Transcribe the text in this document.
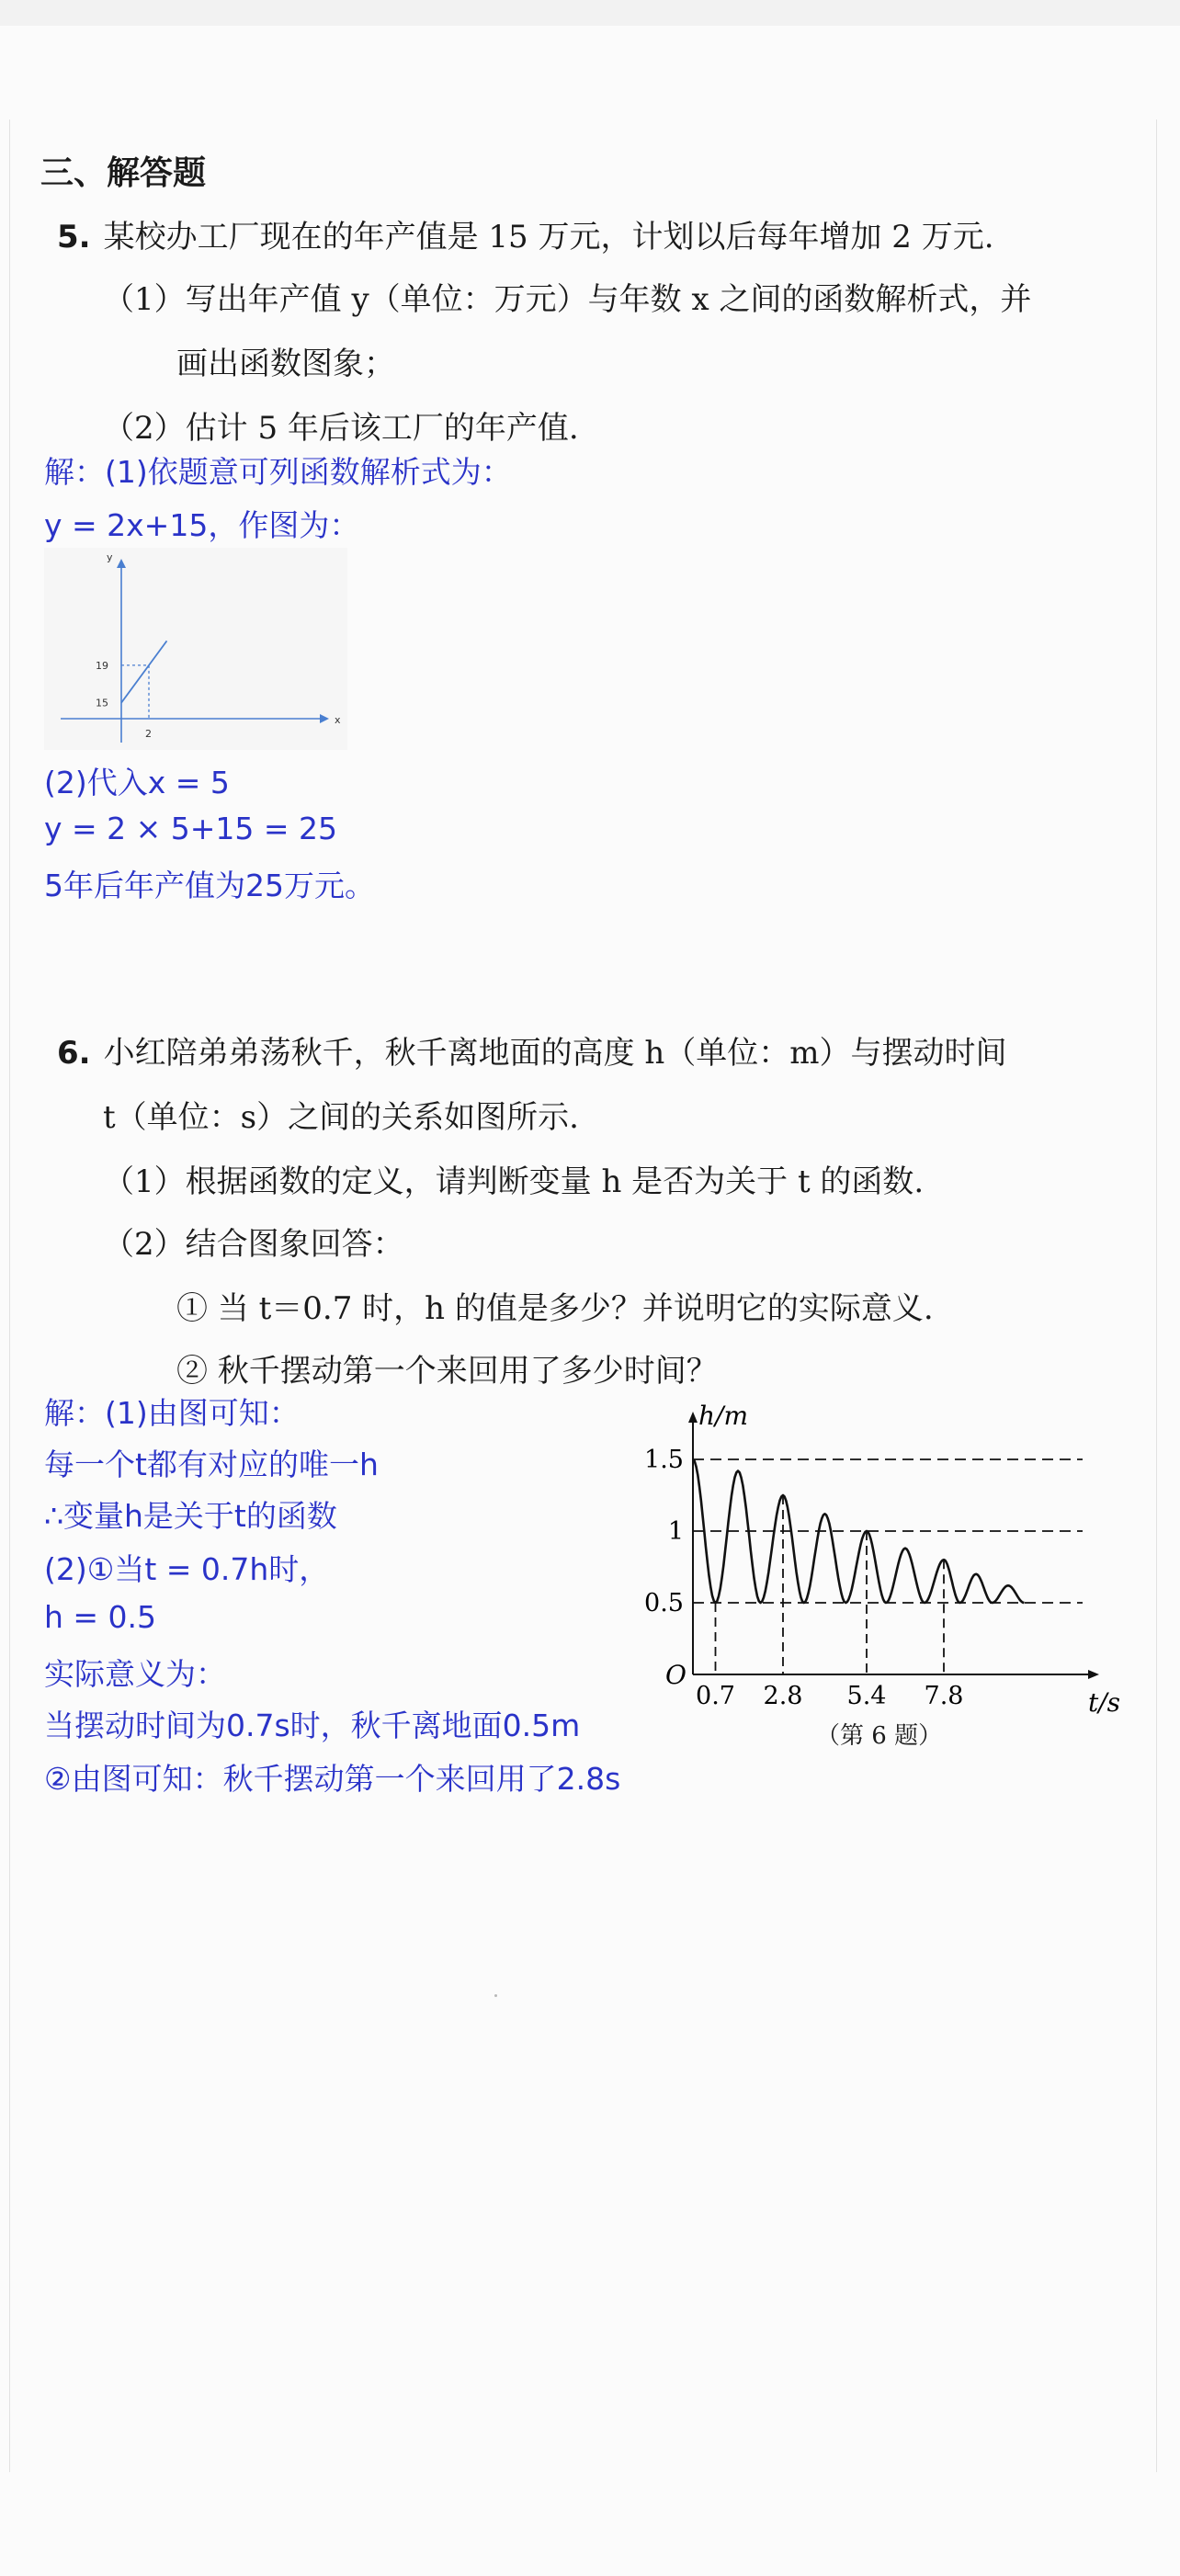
三、解答题
5. 某校办工厂现在的年产值是 15 万元，计划以后每年增加 2 万元.
（1）写出年产值 y（单位：万元）与年数 x 之间的函数解析式，并
画出函数图象；
（2）估计 5 年后该工厂的年产值.
解：(1)依题意可列函数解析式为：
y = 2x+15，作图为：
x
y
19
15
2
(2)代入x = 5
y = 2 × 5+15 = 25
5年后年产值为25万元。
6. 小红陪弟弟荡秋千，秋千离地面的高度 h（单位：m）与摆动时间
t（单位：s）之间的关系如图所示.
（1）根据函数的定义，请判断变量 h 是否为关于 t 的函数.
（2）结合图象回答：
① 当 t＝0.7 时，h 的值是多少？并说明它的实际意义.
② 秋千摆动第一个来回用了多少时间？
解：(1)由图可知：
每一个t都有对应的唯一h
∴变量h是关于t的函数
(2)①当t = 0.7h时，
h = 0.5
实际意义为：
当摆动时间为0.7s时，秋千离地面0.5m
②由图可知：秋千摆动第一个来回用了2.8s
h/m
t/s
O
0.5
1
1.5
0.7 2.8 5.4 7.8
（第 6 题）
